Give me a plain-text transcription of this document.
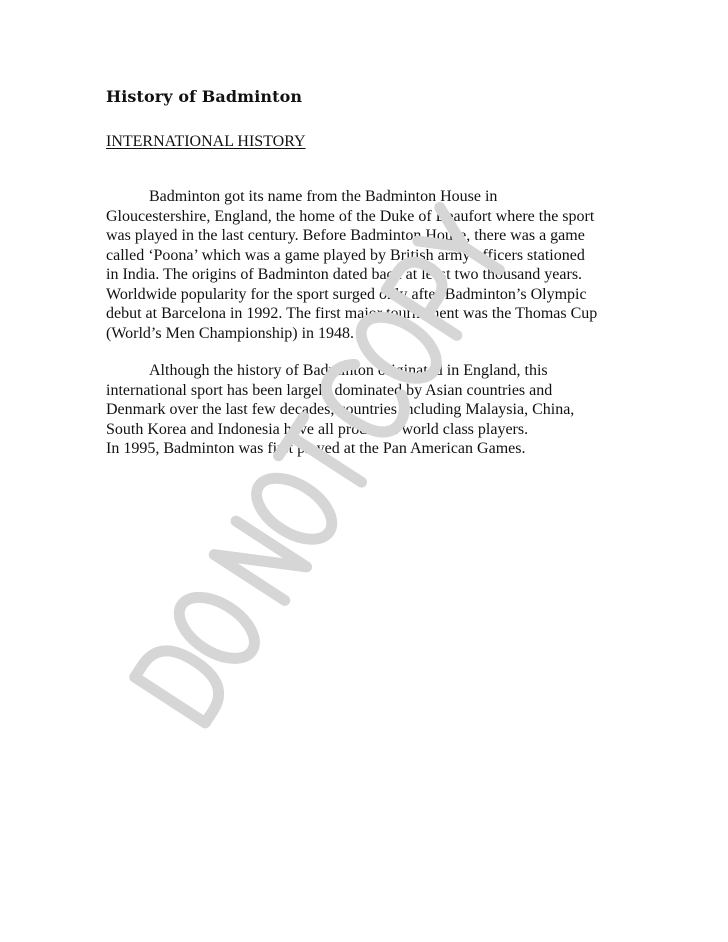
History of Badminton
INTERNATIONAL HISTORY

Badminton got its name from the Badminton House in
Gloucestershire, England, the home of the Duke of Beaufort where the sport
was played in the last century. Before Badminton House, there was a game
called ‘Poona’ which was a game played by British army officers stationed
in India. The origins of Badminton dated back at least two thousand years.
Worldwide popularity for the sport surged only after Badminton’s Olympic
debut at Barcelona in 1992. The first major tournament was the Thomas Cup
(World’s Men Championship) in 1948.

Although the history of Badminton originated in England, this
international sport has been largely dominated by Asian countries and
Denmark over the last few decades, countries including Malaysia, China,
South Korea and Indonesia have all produced world class players.
In 1995, Badminton was first played at the Pan American Games.
